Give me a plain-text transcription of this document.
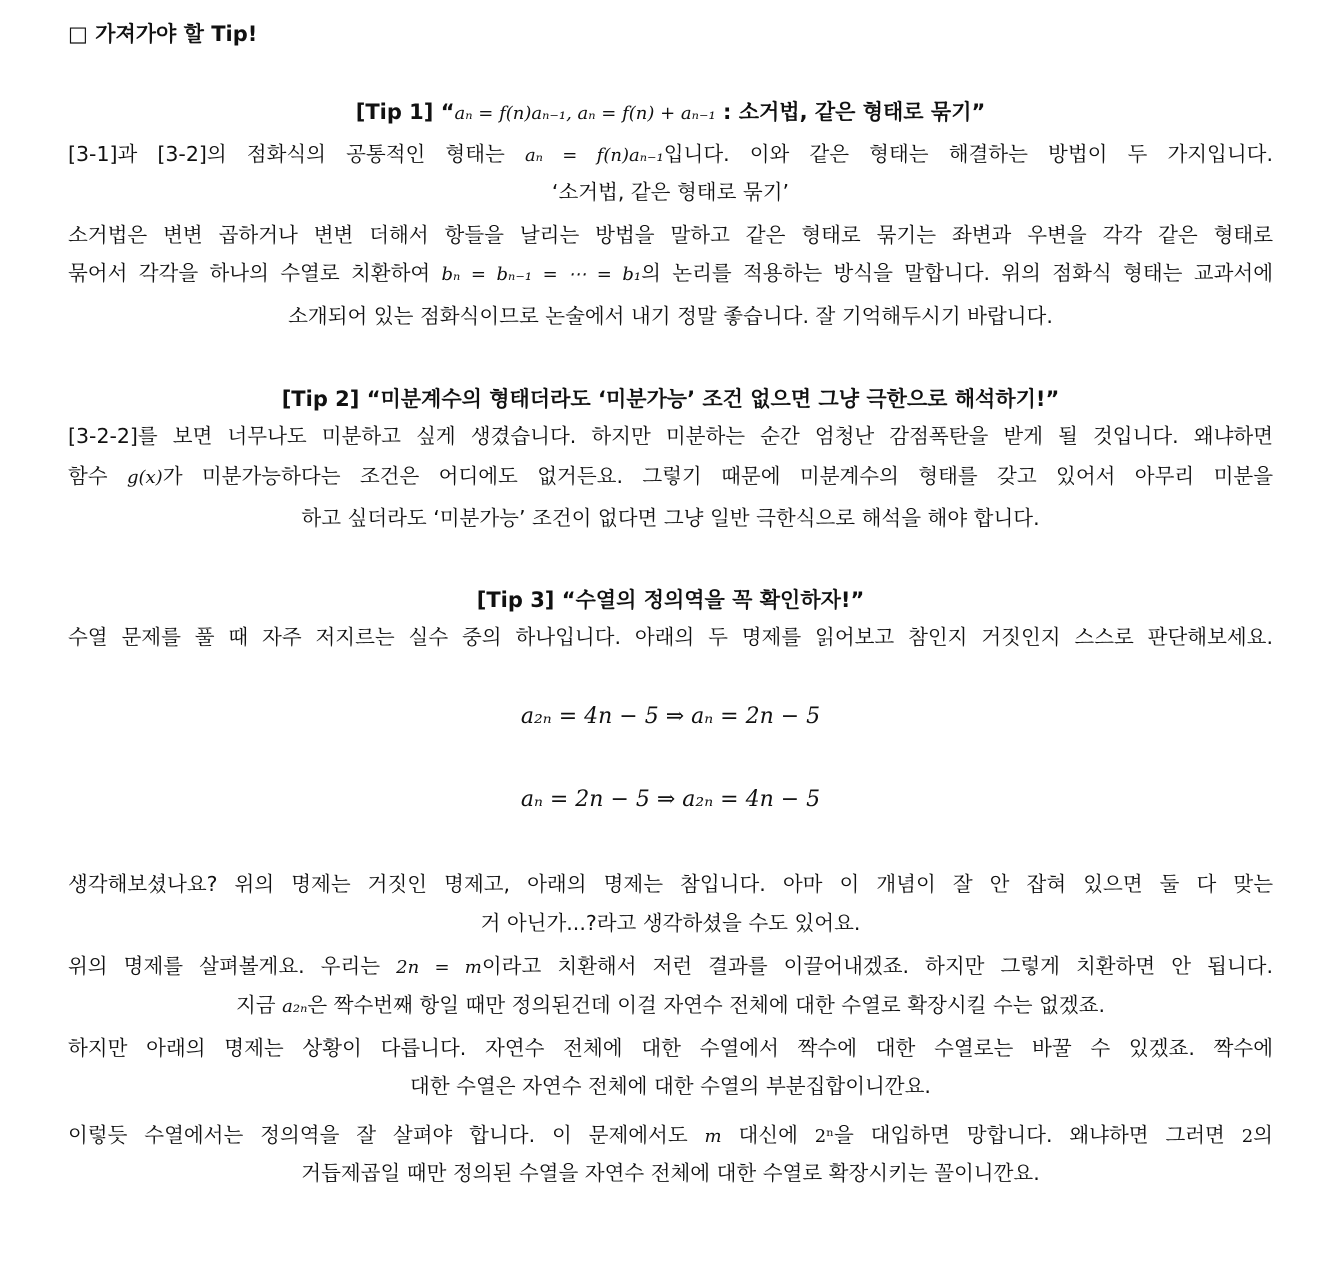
□ 가져가야 할 Tip!
[Tip 1] “aₙ = f(n)aₙ₋₁, aₙ = f(n) + aₙ₋₁ : 소거법, 같은 형태로 묶기”
[3-1]과 [3-2]의 점화식의 공통적인 형태는 aₙ = f(n)aₙ₋₁입니다. 이와 같은 형태는 해결하는 방법이 두 가지입니다.
‘소거법, 같은 형태로 묶기’
소거법은 변변 곱하거나 변변 더해서 항들을 날리는 방법을 말하고 같은 형태로 묶기는 좌변과 우변을 각각 같은 형태로
묶어서 각각을 하나의 수열로 치환하여 bₙ = bₙ₋₁ = ⋯ = b₁의 논리를 적용하는 방식을 말합니다. 위의 점화식 형태는 교과서에
소개되어 있는 점화식이므로 논술에서 내기 정말 좋습니다. 잘 기억해두시기 바랍니다.
[Tip 2] “미분계수의 형태더라도 ‘미분가능’ 조건 없으면 그냥 극한으로 해석하기!”
[3-2-2]를 보면 너무나도 미분하고 싶게 생겼습니다. 하지만 미분하는 순간 엄청난 감점폭탄을 받게 될 것입니다. 왜냐하면
함수 g(x)가 미분가능하다는 조건은 어디에도 없거든요. 그렇기 때문에 미분계수의 형태를 갖고 있어서 아무리 미분을
하고 싶더라도 ‘미분가능’ 조건이 없다면 그냥 일반 극한식으로 해석을 해야 합니다.
[Tip 3] “수열의 정의역을 꼭 확인하자!”
수열 문제를 풀 때 자주 저지르는 실수 중의 하나입니다. 아래의 두 명제를 읽어보고 참인지 거짓인지 스스로 판단해보세요.
a₂ₙ = 4n − 5 ⇒ aₙ = 2n − 5
aₙ = 2n − 5 ⇒ a₂ₙ = 4n − 5
생각해보셨나요? 위의 명제는 거짓인 명제고, 아래의 명제는 참입니다. 아마 이 개념이 잘 안 잡혀 있으면 둘 다 맞는
거 아닌가...?라고 생각하셨을 수도 있어요.
위의 명제를 살펴볼게요. 우리는 2n = m이라고 치환해서 저런 결과를 이끌어내겠죠. 하지만 그렇게 치환하면 안 됩니다.
지금 a₂ₙ은 짝수번째 항일 때만 정의된건데 이걸 자연수 전체에 대한 수열로 확장시킬 수는 없겠죠.
하지만 아래의 명제는 상황이 다릅니다. 자연수 전체에 대한 수열에서 짝수에 대한 수열로는 바꿀 수 있겠죠. 짝수에
대한 수열은 자연수 전체에 대한 수열의 부분집합이니깐요.
이렇듯 수열에서는 정의역을 잘 살펴야 합니다. 이 문제에서도 m 대신에 2ⁿ을 대입하면 망합니다. 왜냐하면 그러면 2의
거듭제곱일 때만 정의된 수열을 자연수 전체에 대한 수열로 확장시키는 꼴이니깐요.
